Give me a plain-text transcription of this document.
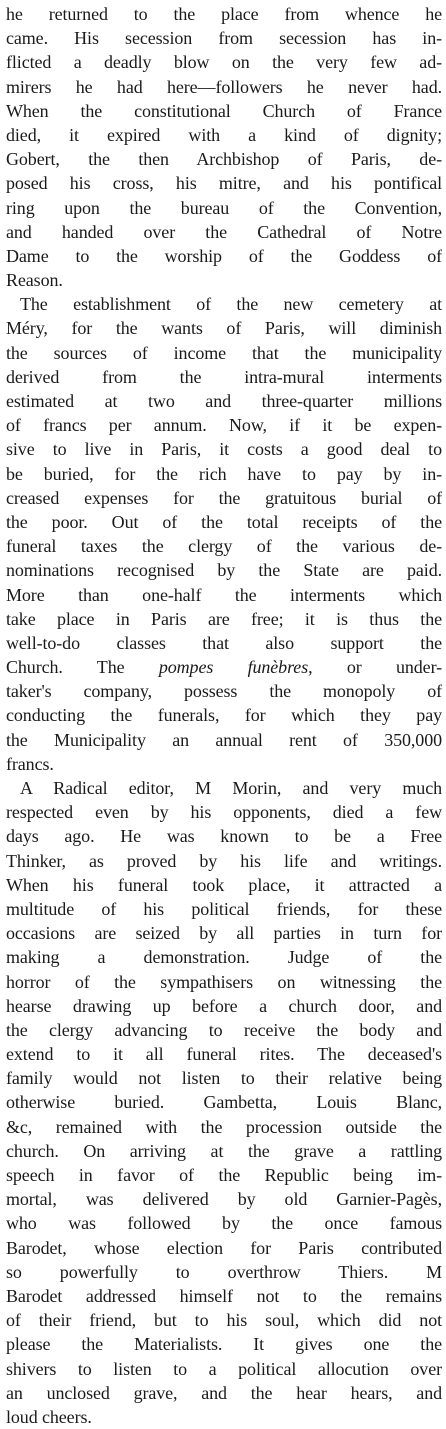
he returned to the place from whence he
came. His secession from secession has in-
flicted a deadly blow on the very few ad-
mirers he had here—followers he never had.
When the constitutional Church of France
died, it expired with a kind of dignity;
Gobert, the then Archbishop of Paris, de-
posed his cross, his mitre, and his pontifical
ring upon the bureau of the Convention,
and handed over the Cathedral of Notre
Dame to the worship of the Goddess of
Reason.
The establishment of the new cemetery at
Méry, for the wants of Paris, will diminish
the sources of income that the municipality
derived from the intra-mural interments
estimated at two and three-quarter millions
of francs per annum. Now, if it be expen-
sive to live in Paris, it costs a good deal to
be buried, for the rich have to pay by in-
creased expenses for the gratuitous burial of
the poor. Out of the total receipts of the
funeral taxes the clergy of the various de-
nominations recognised by the State are paid.
More than one-half the interments which
take place in Paris are free; it is thus the
well-to-do classes that also support the
Church. The pompes funèbres, or under-
taker's company, possess the monopoly of
conducting the funerals, for which they pay
the Municipality an annual rent of 350,000
francs.
A Radical editor, M Morin, and very much
respected even by his opponents, died a few
days ago. He was known to be a Free
Thinker, as proved by his life and writings.
When his funeral took place, it attracted a
multitude of his political friends, for these
occasions are seized by all parties in turn for
making a demonstration. Judge of the
horror of the sympathisers on witnessing the
hearse drawing up before a church door, and
the clergy advancing to receive the body and
extend to it all funeral rites. The deceased's
family would not listen to their relative being
otherwise buried. Gambetta, Louis Blanc,
&c, remained with the procession outside the
church. On arriving at the grave a rattling
speech in favor of the Republic being im-
mortal, was delivered by old Garnier-Pagès,
who was followed by the once famous
Barodet, whose election for Paris contributed
so powerfully to overthrow Thiers. M
Barodet addressed himself not to the remains
of their friend, but to his soul, which did not
please the Materialists. It gives one the
shivers to listen to a political allocution over
an unclosed grave, and the hear hears, and
loud cheers.
